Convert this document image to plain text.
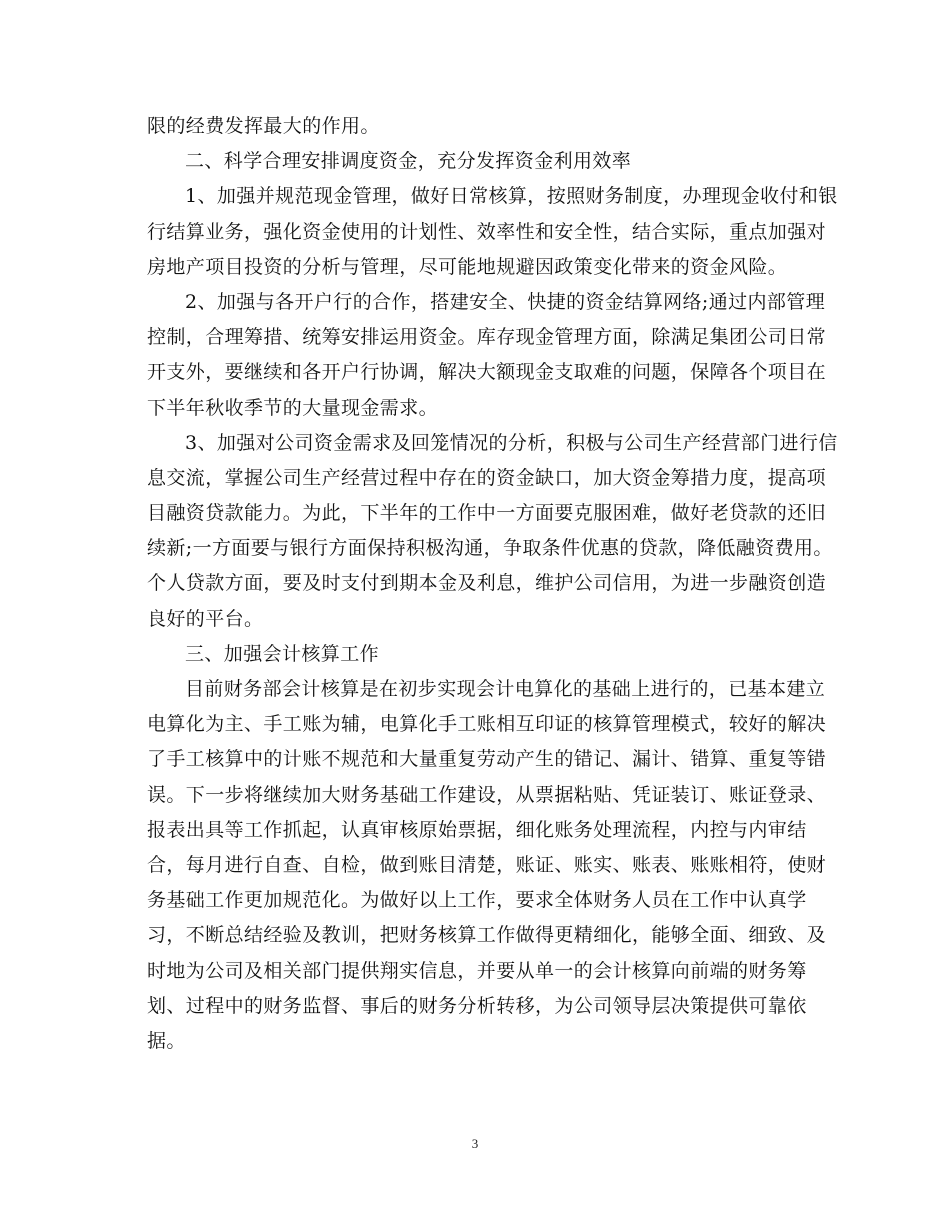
限的经费发挥最大的作用。
二、科学合理安排调度资金，充分发挥资金利用效率
1、加强并规范现金管理，做好日常核算，按照财务制度，办理现金收付和银
行结算业务，强化资金使用的计划性、效率性和安全性，结合实际，重点加强对
房地产项目投资的分析与管理，尽可能地规避因政策变化带来的资金风险。
2、加强与各开户行的合作，搭建安全、快捷的资金结算网络;通过内部管理
控制，合理筹措、统筹安排运用资金。库存现金管理方面，除满足集团公司日常
开支外，要继续和各开户行协调，解决大额现金支取难的问题，保障各个项目在
下半年秋收季节的大量现金需求。
3、加强对公司资金需求及回笼情况的分析，积极与公司生产经营部门进行信
息交流，掌握公司生产经营过程中存在的资金缺口，加大资金筹措力度，提高项
目融资贷款能力。为此，下半年的工作中一方面要克服困难，做好老贷款的还旧
续新;一方面要与银行方面保持积极沟通，争取条件优惠的贷款，降低融资费用。
个人贷款方面，要及时支付到期本金及利息，维护公司信用，为进一步融资创造
良好的平台。
三、加强会计核算工作
目前财务部会计核算是在初步实现会计电算化的基础上进行的，已基本建立
电算化为主、手工账为辅，电算化手工账相互印证的核算管理模式，较好的解决
了手工核算中的计账不规范和大量重复劳动产生的错记、漏计、错算、重复等错
误。下一步将继续加大财务基础工作建设，从票据粘贴、凭证装订、账证登录、
报表出具等工作抓起，认真审核原始票据，细化账务处理流程，内控与内审结
合，每月进行自查、自检，做到账目清楚，账证、账实、账表、账账相符，使财
务基础工作更加规范化。为做好以上工作，要求全体财务人员在工作中认真学
习，不断总结经验及教训，把财务核算工作做得更精细化，能够全面、细致、及
时地为公司及相关部门提供翔实信息，并要从单一的会计核算向前端的财务筹
划、过程中的财务监督、事后的财务分析转移，为公司领导层决策提供可靠依
据。
3
